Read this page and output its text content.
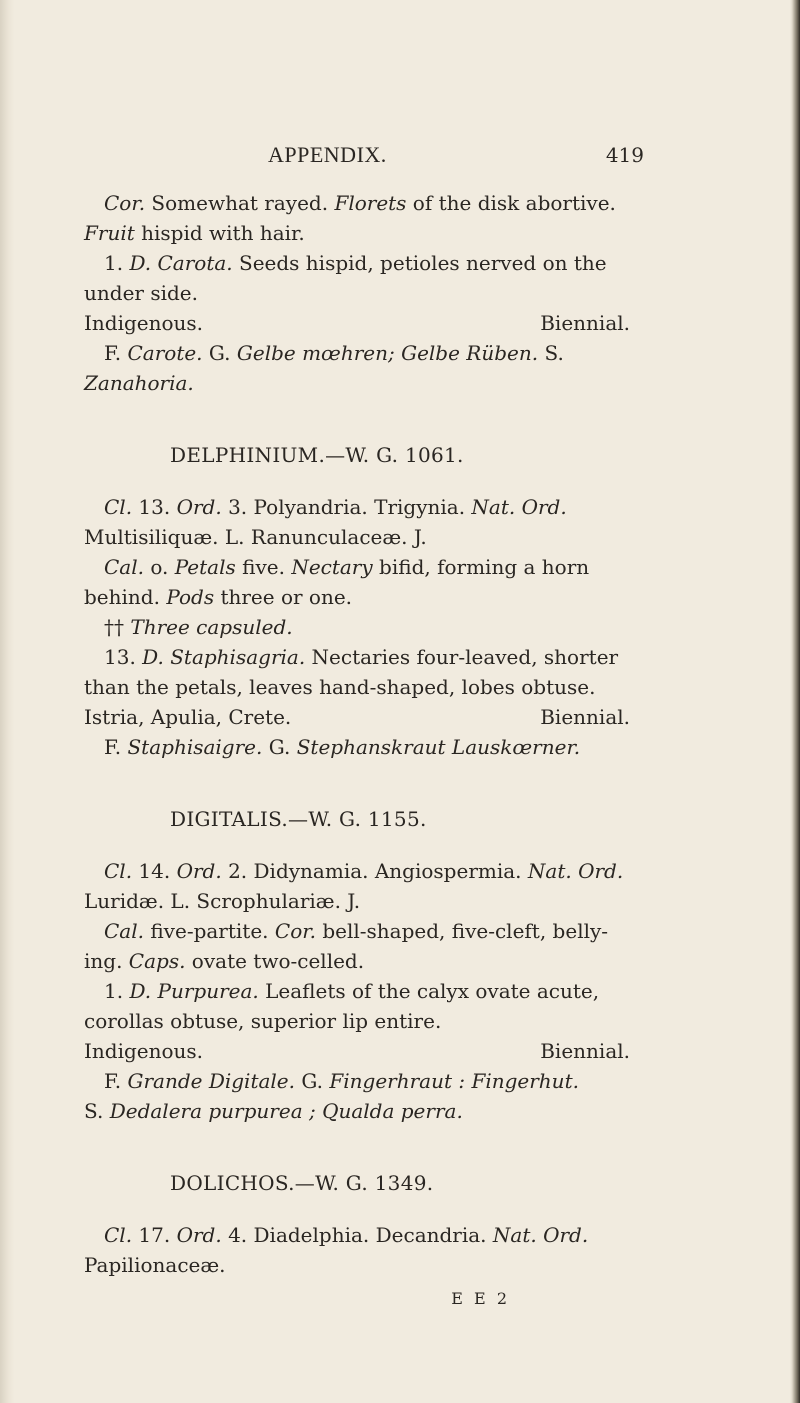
APPENDIX.	419

Cor. Somewhat rayed. Florets of the disk abortive. Fruit hispid with hair.

1. D. Carota. Seeds hispid, petioles nerved on the under side.

Indigenous.	Biennial.

F. Carote. G. Gelbe mœhren; Gelbe Rüben. S. Zanahoria.

DELPHINIUM.—W. G. 1061.

Cl. 13. Ord. 3. Polyandria. Trigynia. Nat. Ord. Multisiliquæ. L. Ranunculaceæ. J.

Cal. o. Petals five. Nectary bifid, forming a horn behind. Pods three or one.

†† Three capsuled.

13. D. Staphisagria. Nectaries four-leaved, shorter than the petals, leaves hand-shaped, lobes obtuse.

Istria, Apulia, Crete.	Biennial.

F. Staphisaigre. G. Stephanskraut Lauskœrner.

DIGITALIS.—W. G. 1155.

Cl. 14. Ord. 2. Didynamia. Angiospermia. Nat. Ord. Luridæ. L. Scrophulariæ. J.

Cal. five-partite. Cor. bell-shaped, five-cleft, belly-ing. Caps. ovate two-celled.

1. D. Purpurea. Leaflets of the calyx ovate acute, corollas obtuse, superior lip entire.

Indigenous.	Biennial.

F. Grande Digitale. G. Fingerhraut : Fingerhut.

S. Dedalera purpurea ; Qualda perra.

DOLICHOS.—W. G. 1349.

Cl. 17. Ord. 4. Diadelphia. Decandria. Nat. Ord. Papilionaceæ.

E E 2
